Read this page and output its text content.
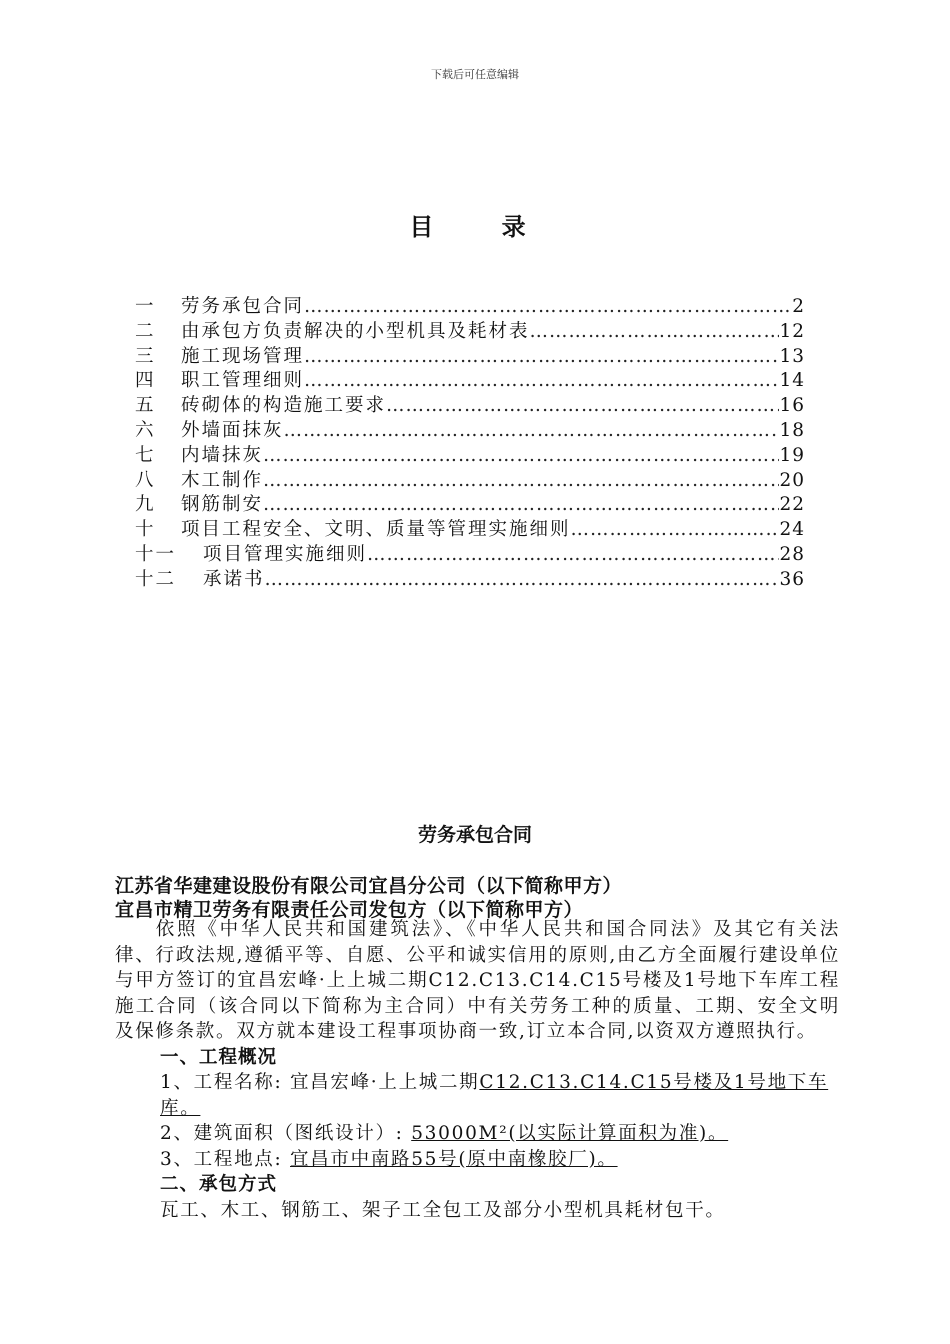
下载后可任意编辑
目 录
一	劳务承包合同 …………………………………………………………………………………………………………	2
二	由承包方负责解决的小型机具及耗材表 …………………………………………………………………………………………………………	12
三	施工现场管理 …………………………………………………………………………………………………………	13
四	职工管理细则 …………………………………………………………………………………………………………	14
五	砖砌体的构造施工要求 …………………………………………………………………………………………………………	16
六	外墙面抹灰 …………………………………………………………………………………………………………	18
七	内墙抹灰 …………………………………………………………………………………………………………	19
八	木工制作 …………………………………………………………………………………………………………	20
九	钢筋制安 …………………………………………………………………………………………………………	22
十	项目工程安全、文明、质量等管理实施细则 …………………………………………………………………………………………………………	24
十一	项目管理实施细则 …………………………………………………………………………………………………………	28
十二	承诺书 …………………………………………………………………………………………………………	36
劳务承包合同
江苏省华建建设股份有限公司宜昌分公司（以下简称甲方）
宜昌市精卫劳务有限责任公司发包方（以下简称甲方）
依照《中华人民共和国建筑法》、《中华人民共和国合同法》及其它有关法律、行政法规,遵循平等、自愿、公平和诚实信用的原则,由乙方全面履行建设单位与甲方签订的宜昌宏峰·上上城二期C12.C13.C14.C15号楼及1号地下车库工程施工合同（该合同以下简称为主合同）中有关劳务工种的质量、工期、安全文明及保修条款。双方就本建设工程事项协商一致,订立本合同,以资双方遵照执行。
一、工程概况
1、工程名称: 宜昌宏峰·上上城二期C12.C13.C14.C15号楼及1号地下车库。
2、建筑面积（图纸设计）: 53000M²(以实际计算面积为准)。
3、工程地点: 宜昌市中南路55号(原中南橡胶厂)。
二、承包方式
瓦工、木工、钢筋工、架子工全包工及部分小型机具耗材包干。
